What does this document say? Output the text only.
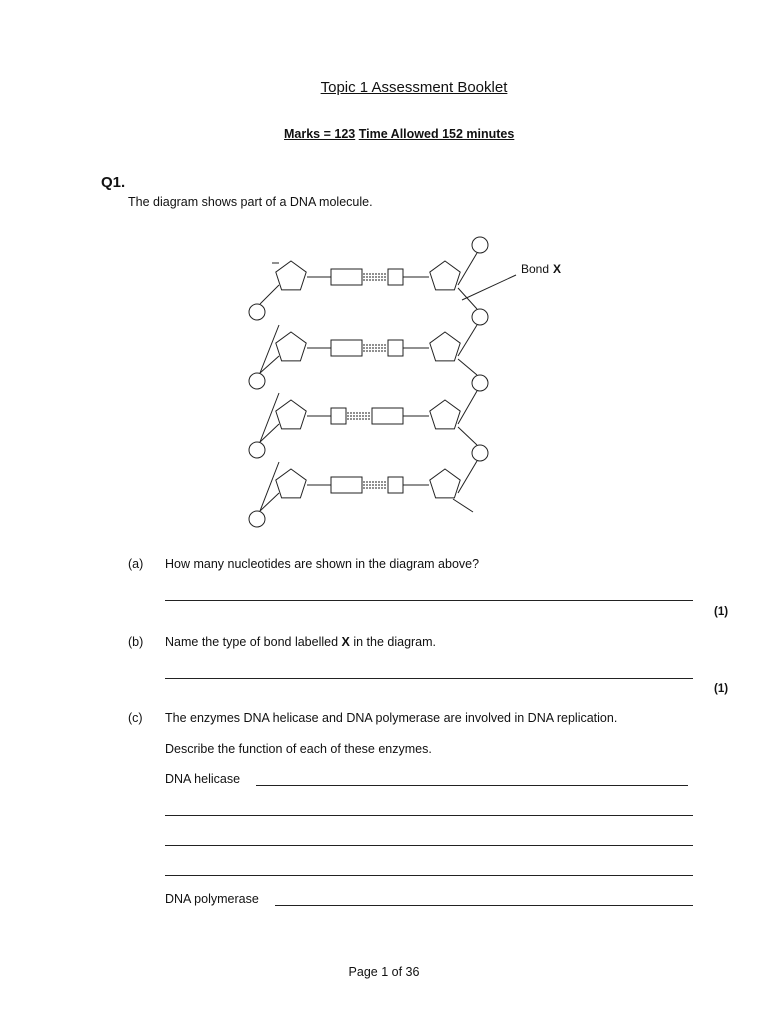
Topic 1 Assessment Booklet
Marks = 123 Time Allowed 152 minutes
Q1.
The diagram shows part of a DNA molecule.
Bond X
(a) How many nucleotides are shown in the diagram above?
(1)
(b) Name the type of bond labelled X in the diagram.
(1)
(c) The enzymes DNA helicase and DNA polymerase are involved in DNA replication.
Describe the function of each of these enzymes.
DNA helicase
DNA polymerase
Page 1 of 36
